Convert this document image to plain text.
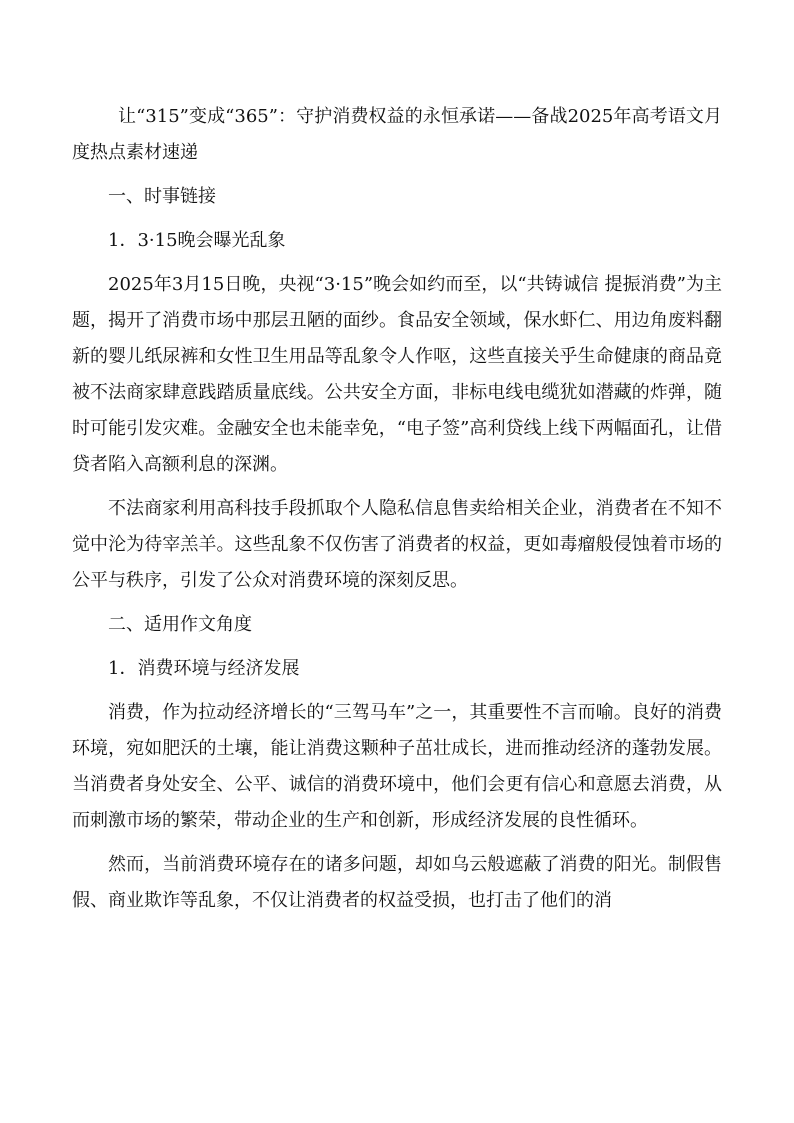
让“315”变成“365”：守护消费权益的永恒承诺——备战2025年高考语文月度热点素材速递

一、时事链接

1．3·15晚会曝光乱象

2025年3月15日晚，央视“3·15”晚会如约而至，以“共铸诚信 提振消费”为主题，揭开了消费市场中那层丑陋的面纱。食品安全领域，保水虾仁、用边角废料翻新的婴儿纸尿裤和女性卫生用品等乱象令人作呕，这些直接关乎生命健康的商品竟被不法商家肆意践踏质量底线。公共安全方面，非标电线电缆犹如潜藏的炸弹，随时可能引发灾难。金融安全也未能幸免，“电子签”高利贷线上线下两幅面孔，让借贷者陷入高额利息的深渊。

不法商家利用高科技手段抓取个人隐私信息售卖给相关企业，消费者在不知不觉中沦为待宰羔羊。这些乱象不仅伤害了消费者的权益，更如毒瘤般侵蚀着市场的公平与秩序，引发了公众对消费环境的深刻反思。

二、适用作文角度

1．消费环境与经济发展

消费，作为拉动经济增长的“三驾马车”之一，其重要性不言而喻。良好的消费环境，宛如肥沃的土壤，能让消费这颗种子茁壮成长，进而推动经济的蓬勃发展。当消费者身处安全、公平、诚信的消费环境中，他们会更有信心和意愿去消费，从而刺激市场的繁荣，带动企业的生产和创新，形成经济发展的良性循环。

然而，当前消费环境存在的诸多问题，却如乌云般遮蔽了消费的阳光。制假售假、商业欺诈等乱象，不仅让消费者的权益受损，也打击了他们的消
